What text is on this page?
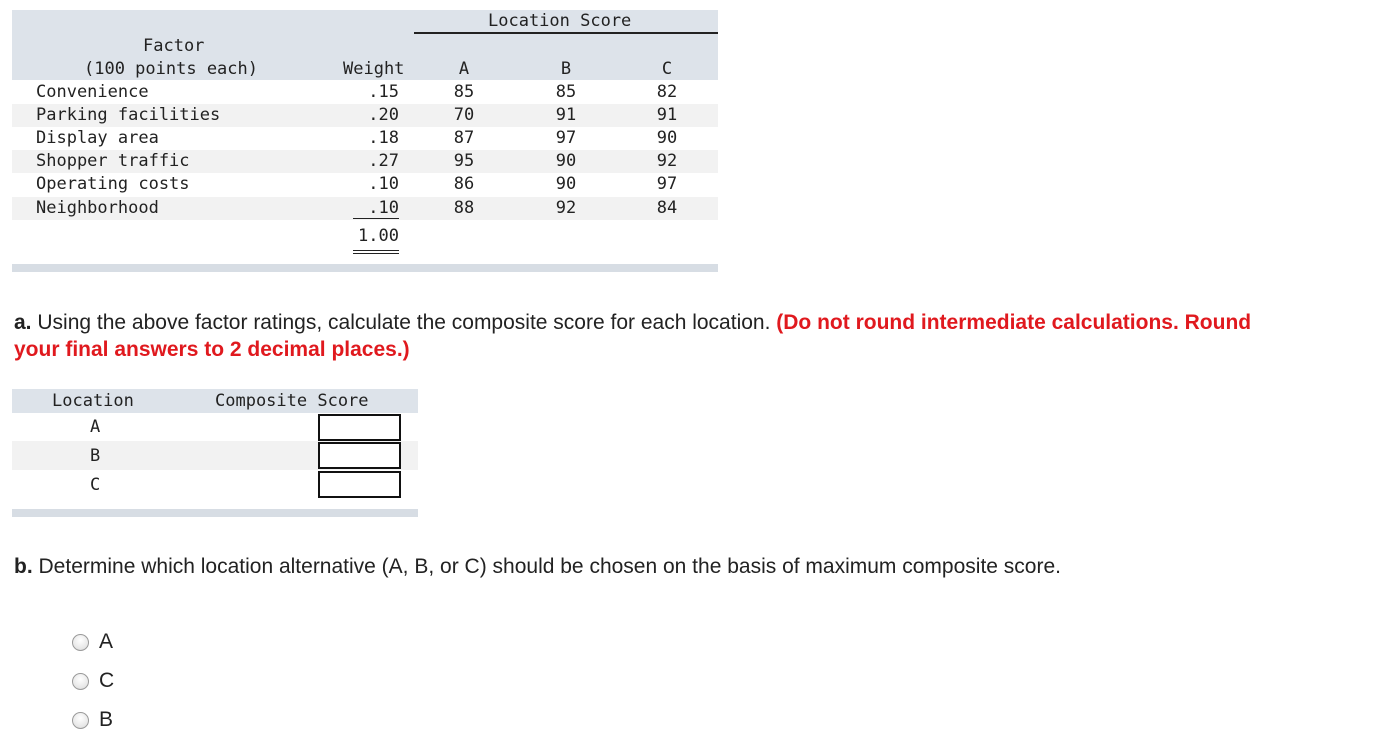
Location Score
Factor
(100 points each)	Weight	A	B	C
Convenience	.15	85	85	82
Parking facilities	.20	70	91	91
Display area	.18	87	97	90
Shopper traffic	.27	95	90	92
Operating costs	.10	86	90	97
Neighborhood	.10	88	92	84
1.00
a. Using the above factor ratings, calculate the composite score for each location. (Do not round intermediate calculations. Round
your final answers to 2 decimal places.)
Location	Composite Score
A
B
C
b. Determine which location alternative (A, B, or C) should be chosen on the basis of maximum composite score.
A
C
B
